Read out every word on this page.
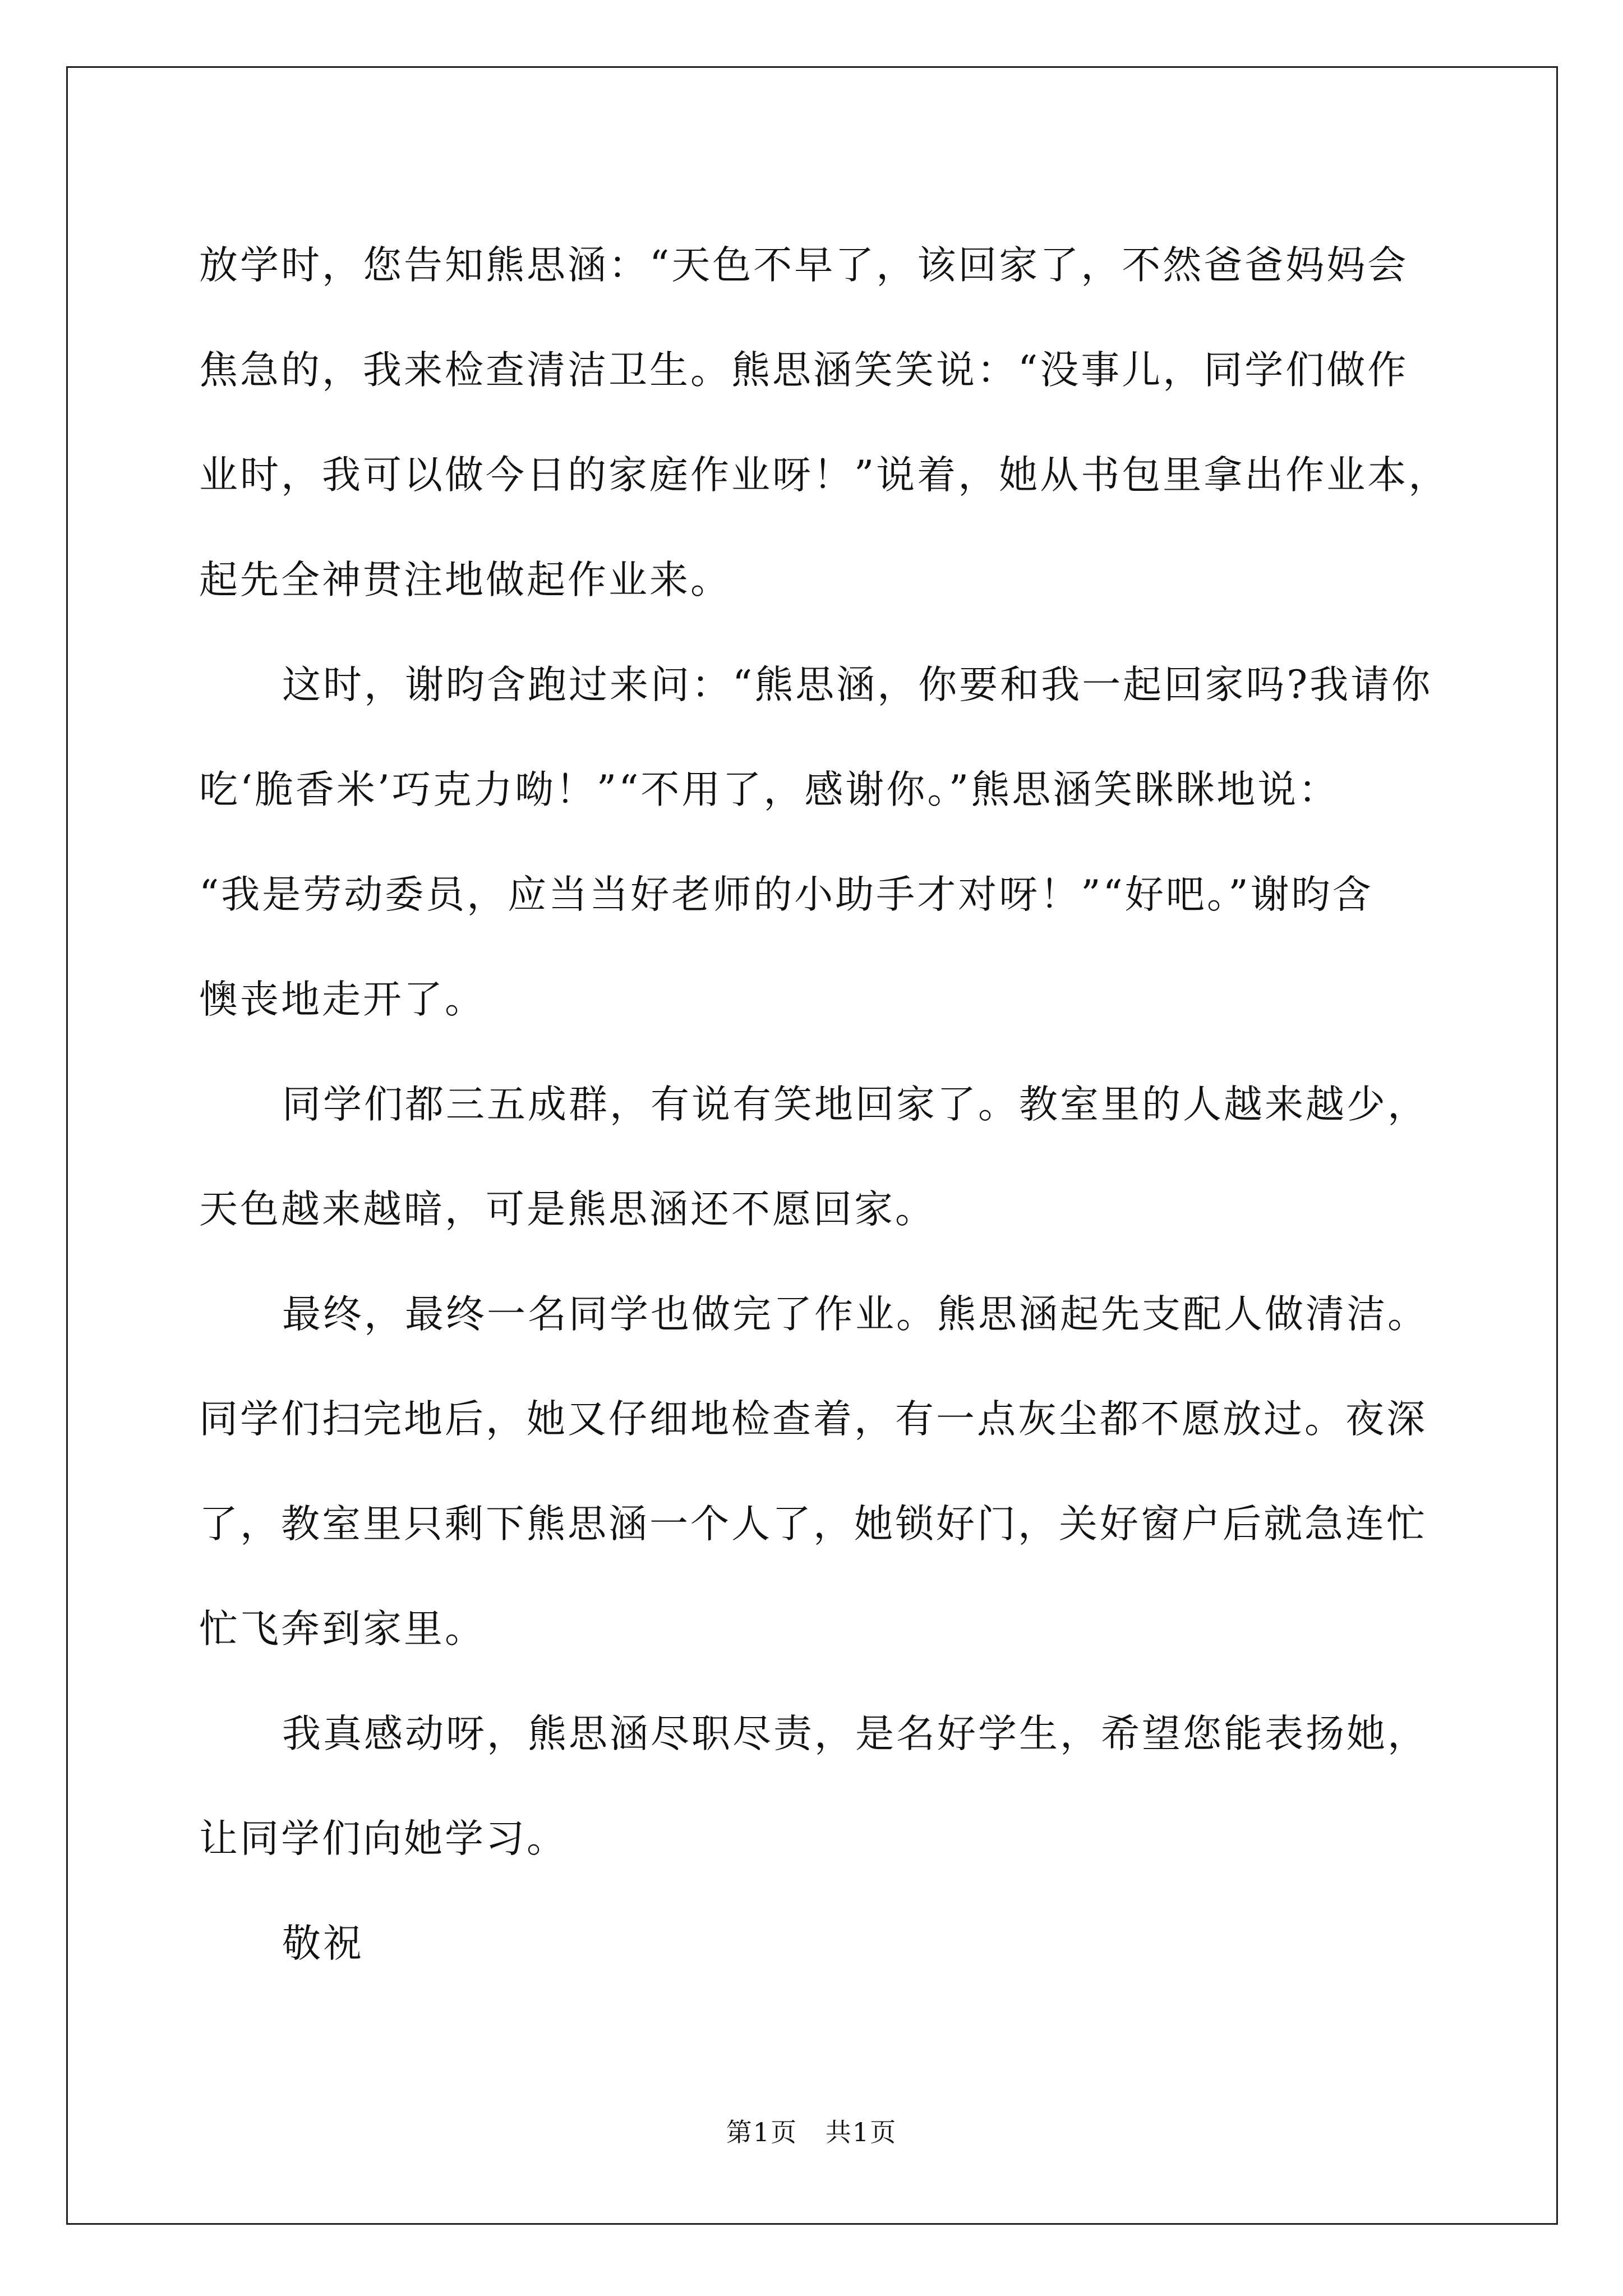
放学时，您告知熊思涵：“天色不早了，该回家了，不然爸爸妈妈会
焦急的，我来检查清洁卫生。熊思涵笑笑说：“没事儿，同学们做作
业时，我可以做今日的家庭作业呀！”说着，她从书包里拿出作业本，
起先全神贯注地做起作业来。
这时，谢昀含跑过来问：“熊思涵，你要和我一起回家吗?我请你
吃‘脆香米’巧克力呦！”“不用了，感谢你。”熊思涵笑眯眯地说：
“我是劳动委员，应当当好老师的小助手才对呀！”“好吧。”谢昀含
懊丧地走开了。
同学们都三五成群，有说有笑地回家了。教室里的人越来越少，
天色越来越暗，可是熊思涵还不愿回家。
最终，最终一名同学也做完了作业。熊思涵起先支配人做清洁。
同学们扫完地后，她又仔细地检查着，有一点灰尘都不愿放过。夜深
了，教室里只剩下熊思涵一个人了，她锁好门，关好窗户后就急连忙
忙飞奔到家里。
我真感动呀，熊思涵尽职尽责，是名好学生，希望您能表扬她，
让同学们向她学习。
敬祝
第1页   共1页
